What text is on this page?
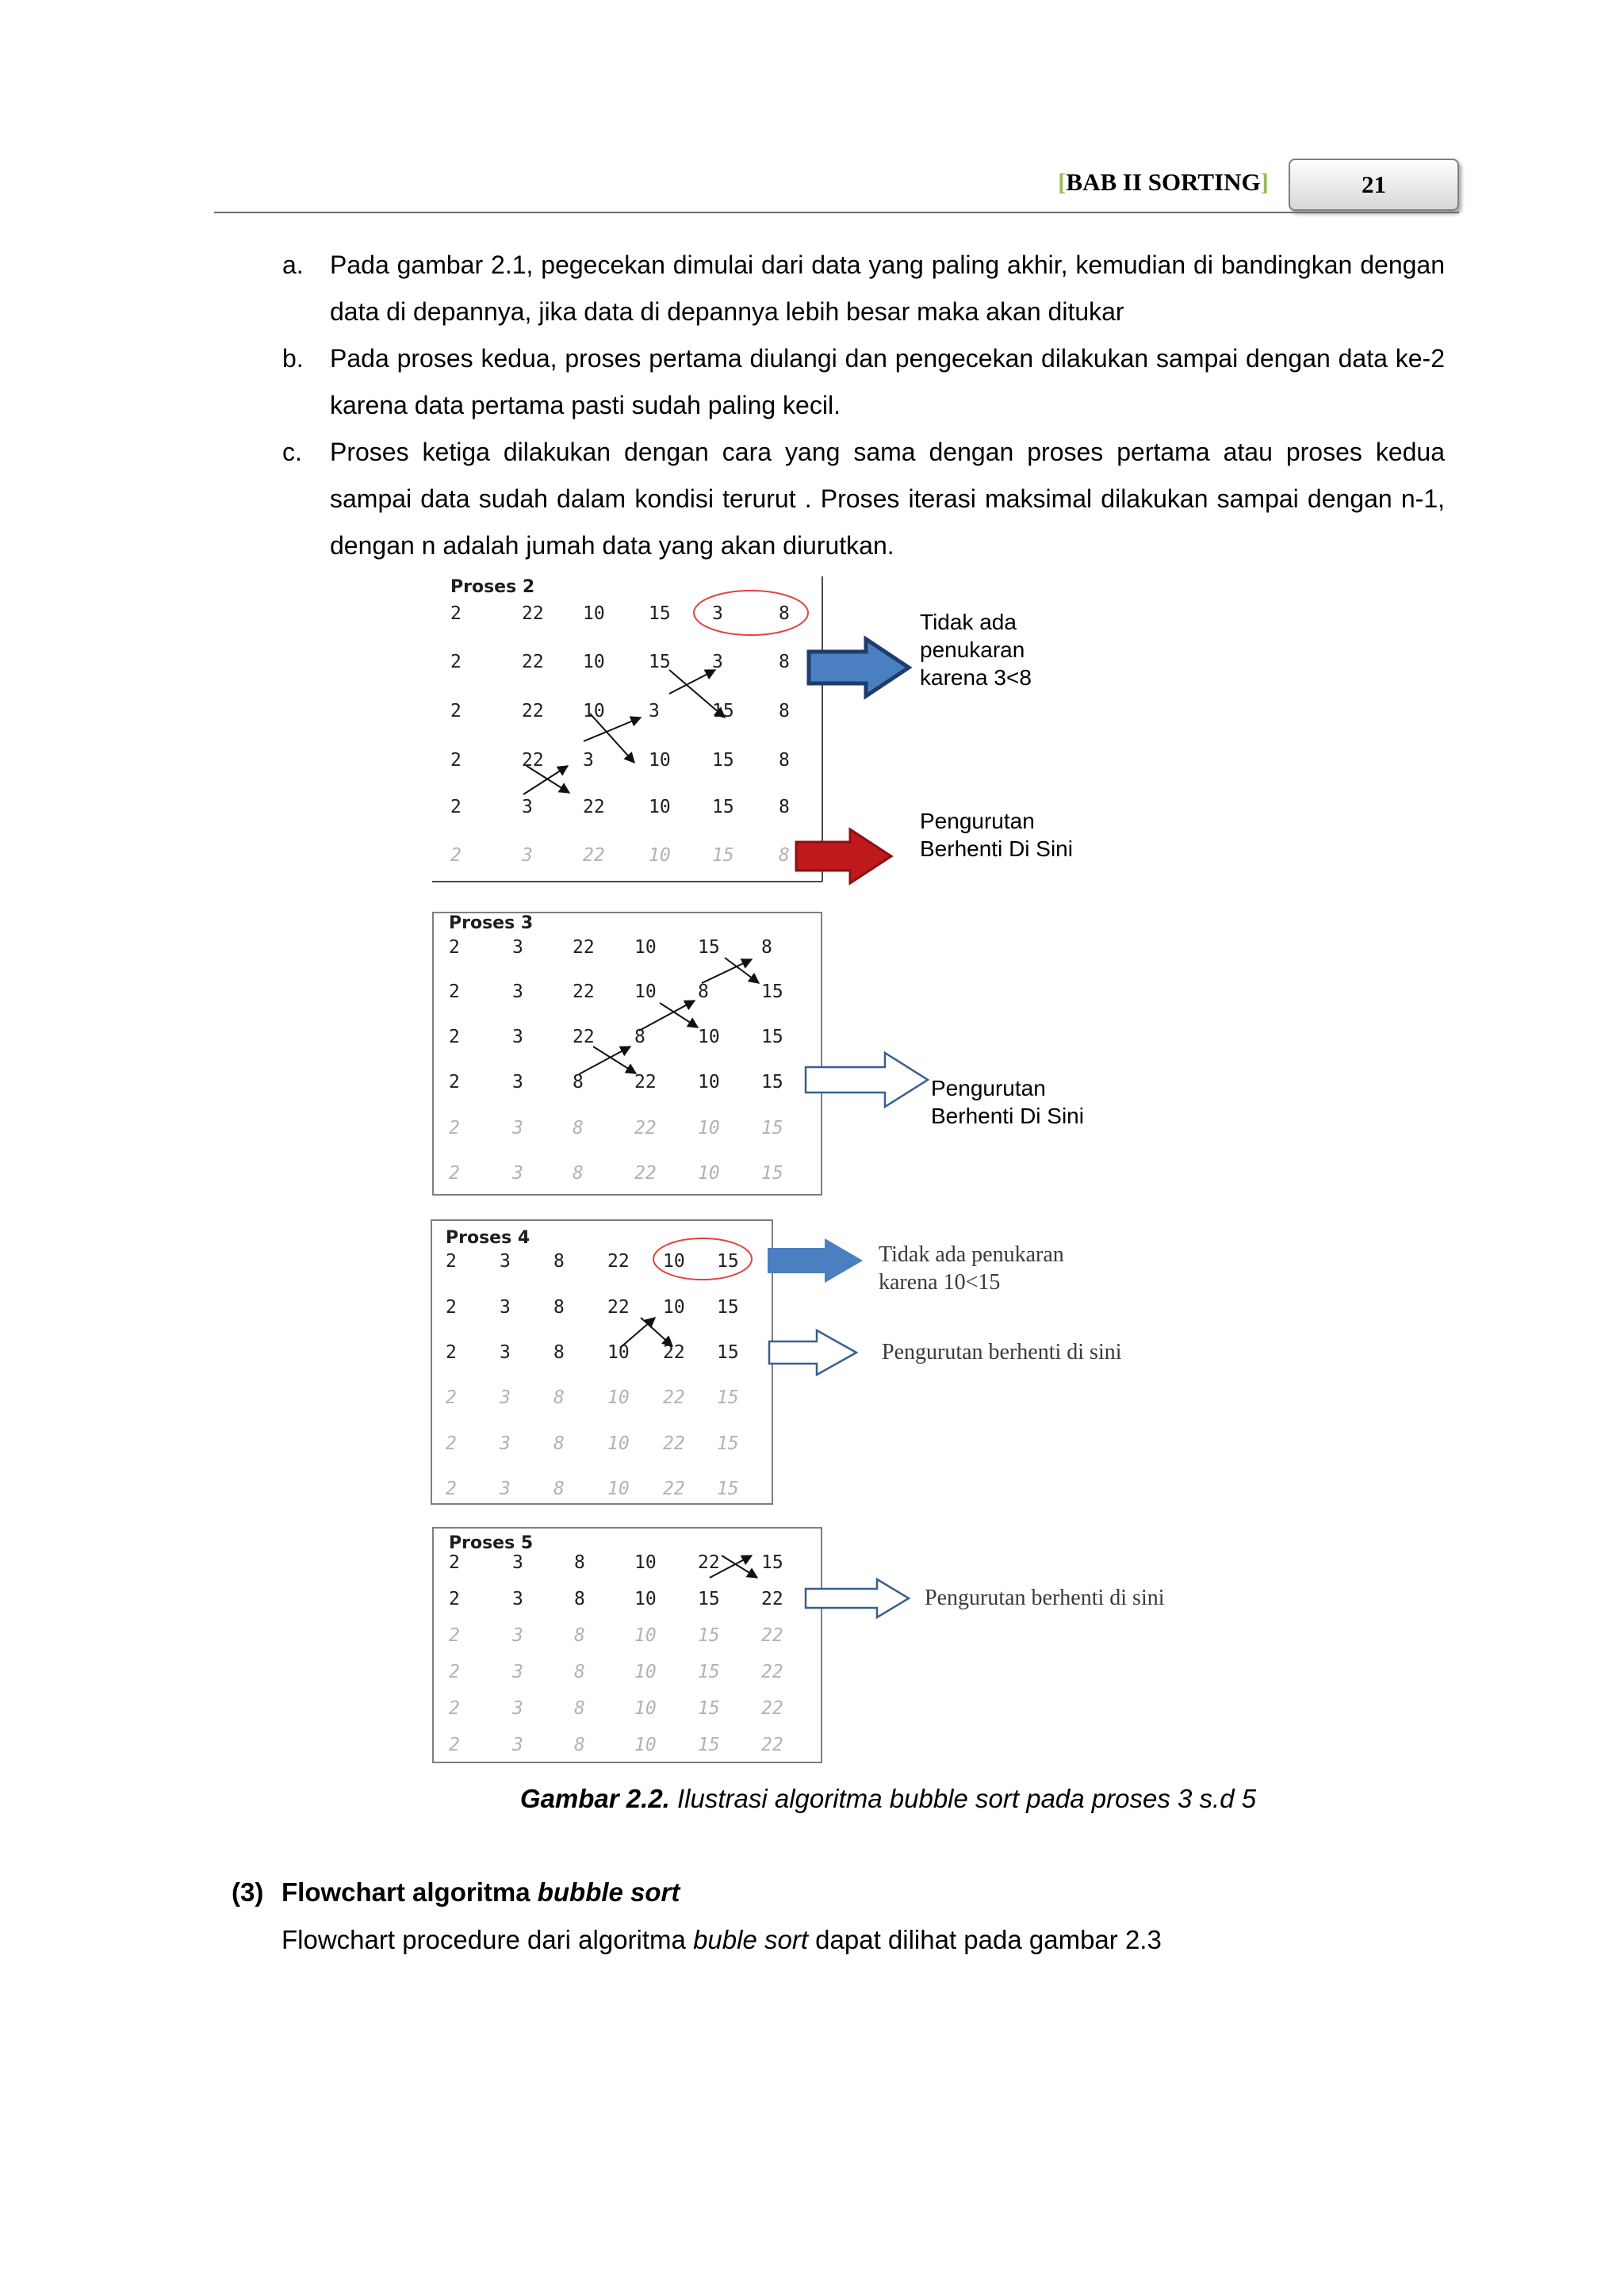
[BAB II SORTING]	21

a. Pada gambar 2.1, pegecekan dimulai dari data yang paling akhir, kemudian di bandingkan dengan data di depannya, jika data di depannya lebih besar maka akan ditukar

b. Pada proses kedua, proses pertama diulangi dan pengecekan dilakukan sampai dengan data ke-2 karena data pertama pasti sudah paling kecil.

c. Proses ketiga dilakukan dengan cara yang sama dengan proses pertama atau proses kedua sampai data sudah dalam kondisi terurut . Proses iterasi maksimal dilakukan sampai dengan n-1, dengan n adalah jumah data yang akan diurutkan.

Proses 2
Proses 3
Proses 4
Proses 5
2	22 10 15 3	8
2	22 10 15 3	8
2	22 10 3	15 8
2	22 3	10 15 8
2	3	22 10 15 8
2	3	22 10 15 8
2	3	22 10 15 8
2	3	22 10 8	15
2	3	22 8	10 15
2	3	8	22 10 15
2	3	8	22 10 15
2	3	8	22 10 15
2 3 8 22 10 15
2 3 8 22 10 15
2 3 8 10 22 15
2 3 8 10 22 15
2 3 8 10 22 15
2 3 8 10 22 15
2	3	8	10 22 15
2	3	8	10 15 22
2	3	8	10 15 22
2	3	8	10 15 22
2	3	8	10 15 22
2	3	8	10 15 22
Tidak ada
penukaran
karena 3<8
Pengurutan
Berhenti Di Sini
Pengurutan
Berhenti Di Sini
Tidak ada penukaran
karena 10<15
Pengurutan berhenti di sini
Pengurutan berhenti di sini
Gambar 2.2. Ilustrasi algoritma bubble sort pada proses 3 s.d 5
(3) Flowchart algoritma bubble sort
Flowchart procedure dari algoritma buble sort dapat dilihat pada gambar 2.3
